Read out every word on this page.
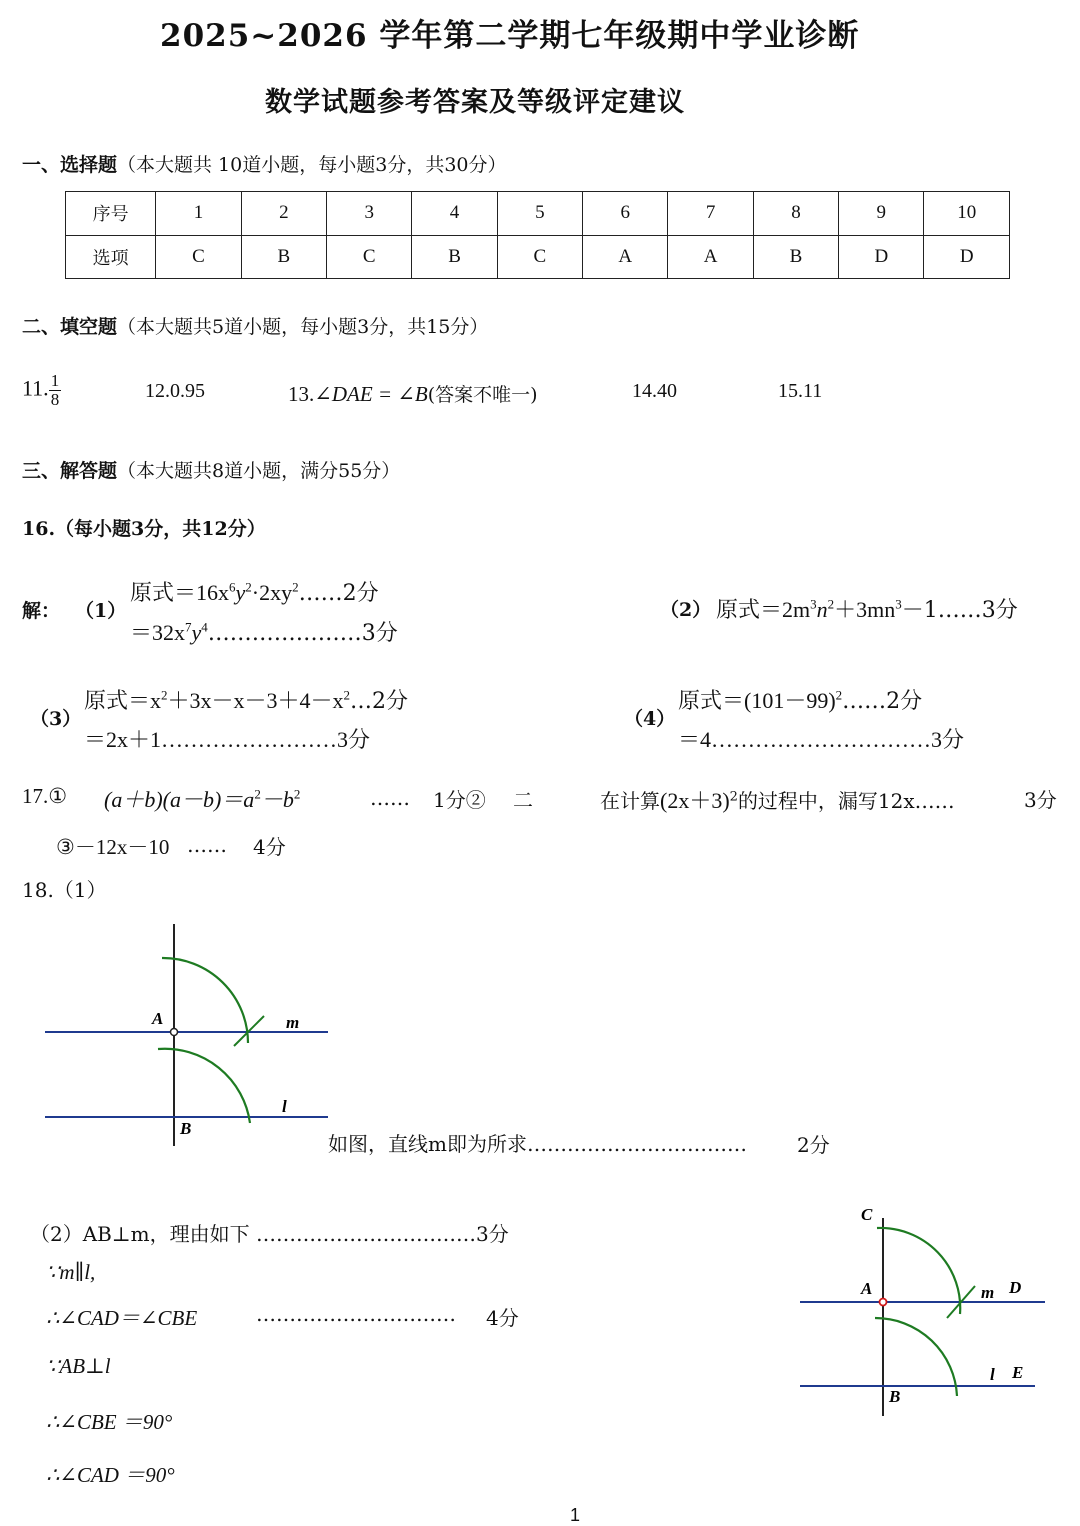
2025~2026 学年第二学期七年级期中学业诊断
数学试题参考答案及等级评定建议
一、选择题（本大题共 10道小题，每小题3分，共30分）
序号	1	2	3	4	5	6	7	8	9	10
选项	C	B	C	B	C	A	A	B	D	D
二、填空题（本大题共5道小题，每小题3分，共15分）
11. $\frac{1}{8}$	12.0.95	13.∠DAE = ∠B(答案不唯一)	14.40	15.11
三、解答题（本大题共8道小题，满分55分）
16.（每小题3分，共12分）
解： （1）
原式$=16x^6y^2\cdot 2xy^2\dots\dots 2$分
$=32x^7y^4\dots\dots\dots\dots\dots\dots\dots 3$分
（2） 原式$=2m^3n^2+3mn^3-1\dots\dots 3$分
（3）
原式$=x^2+3x-x-3+4-x^2\dots 2$分
＝2x＋1……………………3分
（4）
原式$=(101-99)^2\dots\dots 2$分
＝4…………………………3分
17.① $(a+b)(a-b)=a^2-b^2$	…… 1分② 二	在计算$(2x+3)^2$的过程中，漏写12x……	3分
③－12x－10 …… 4分
18.（1）
A
B
m
l
如图，直线m即为所求……………………………	2分
（2）AB⊥m，理由如下 ……………………………3分
∵m∥l,
∴∠CAD＝∠CBE	………………………… 4分
∵AB⊥l
∴∠CBE ＝90°
∴∠CAD ＝90°
C
A	m D
l E
B
1
